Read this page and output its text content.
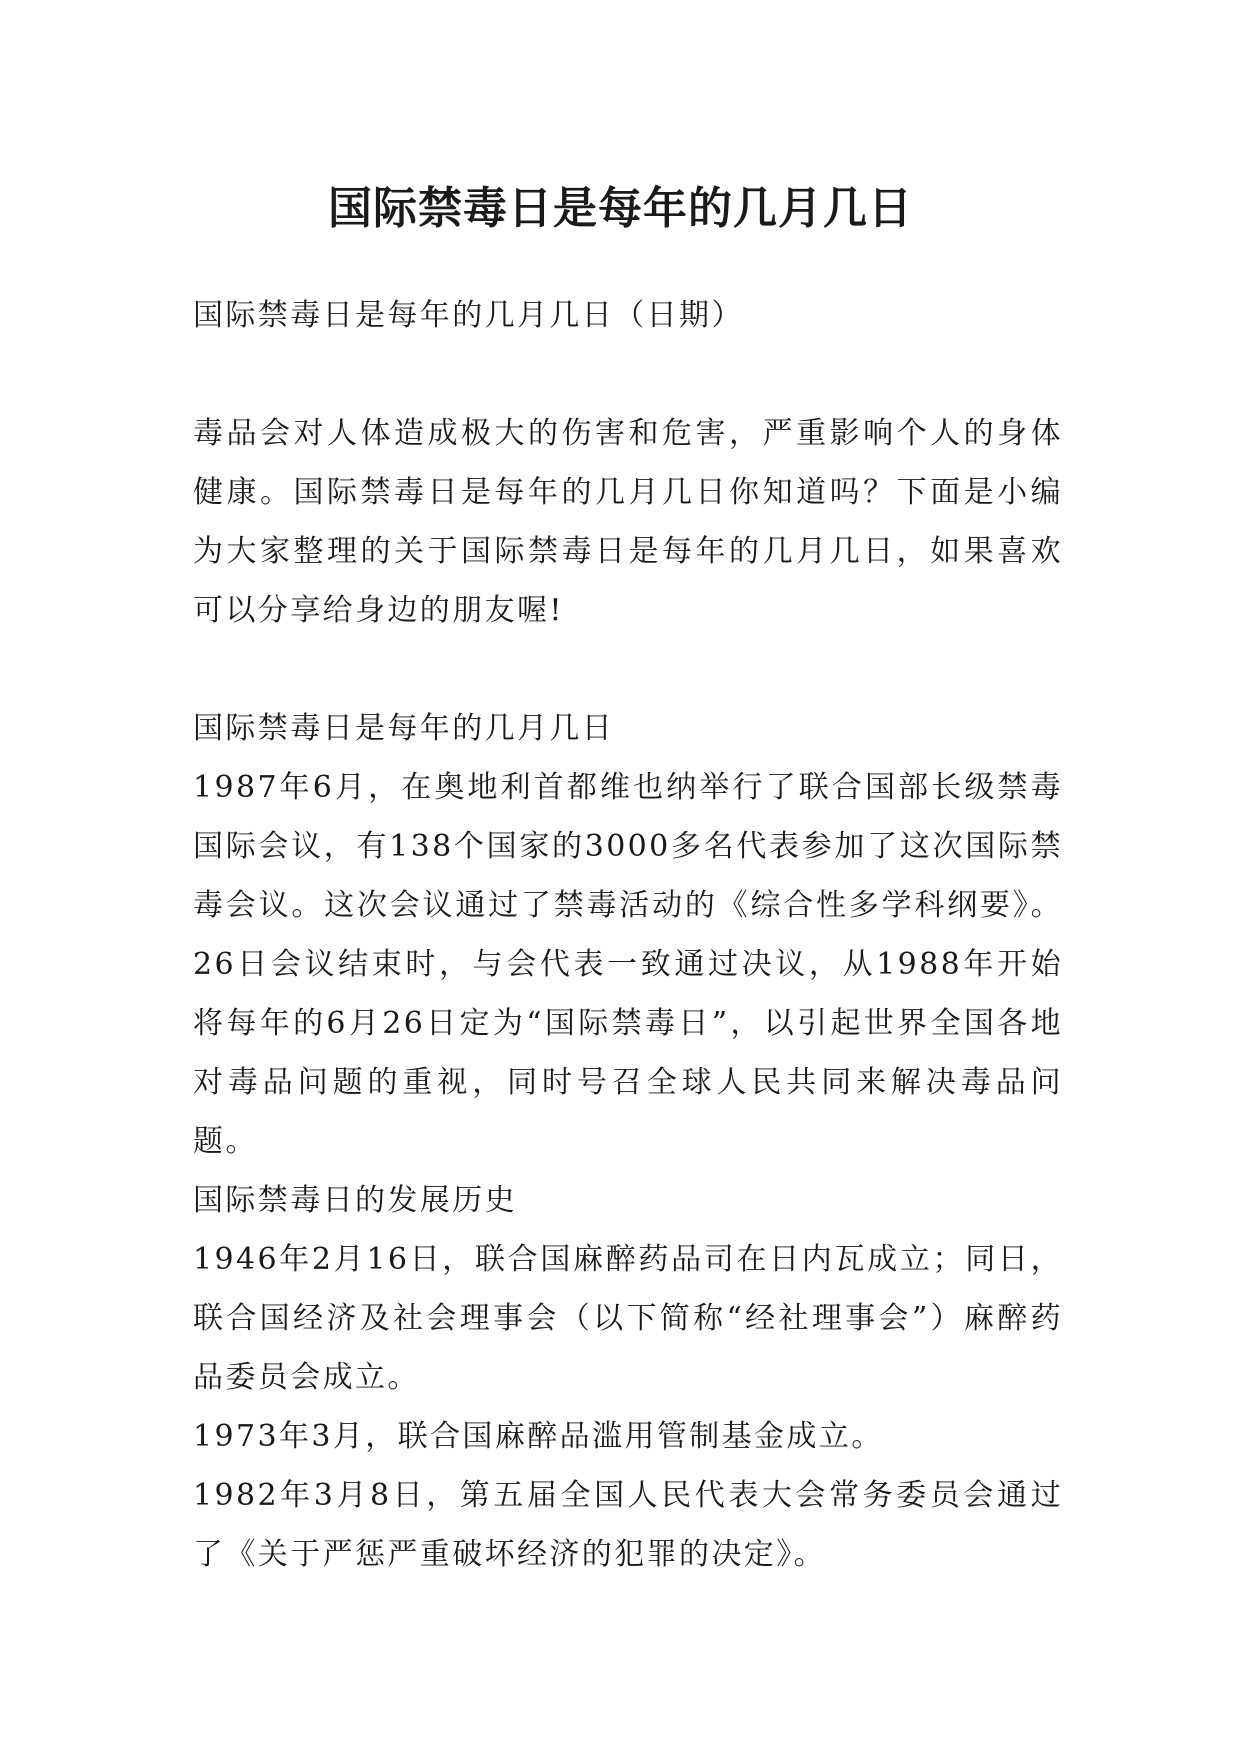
国际禁毒日是每年的几月几日

国际禁毒日是每年的几月几日（日期）

毒品会对人体造成极大的伤害和危害，严重影响个人的身体健康。国际禁毒日是每年的几月几日你知道吗？下面是小编为大家整理的关于国际禁毒日是每年的几月几日，如果喜欢可以分享给身边的朋友喔!

国际禁毒日是每年的几月几日

1987年6月，在奥地利首都维也纳举行了联合国部长级禁毒国际会议，有138个国家的3000多名代表参加了这次国际禁毒会议。这次会议通过了禁毒活动的《综合性多学科纲要》。26日会议结束时，与会代表一致通过决议，从1988年开始将每年的6月26日定为“国际禁毒日”，以引起世界全国各地对毒品问题的重视，同时号召全球人民共同来解决毒品问题。

国际禁毒日的发展历史

1946年2月16日，联合国麻醉药品司在日内瓦成立；同日，联合国经济及社会理事会（以下简称“经社理事会”）麻醉药品委员会成立。

1973年3月，联合国麻醉品滥用管制基金成立。

1982年3月8日，第五届全国人民代表大会常务委员会通过了《关于严惩严重破坏经济的犯罪的决定》。
